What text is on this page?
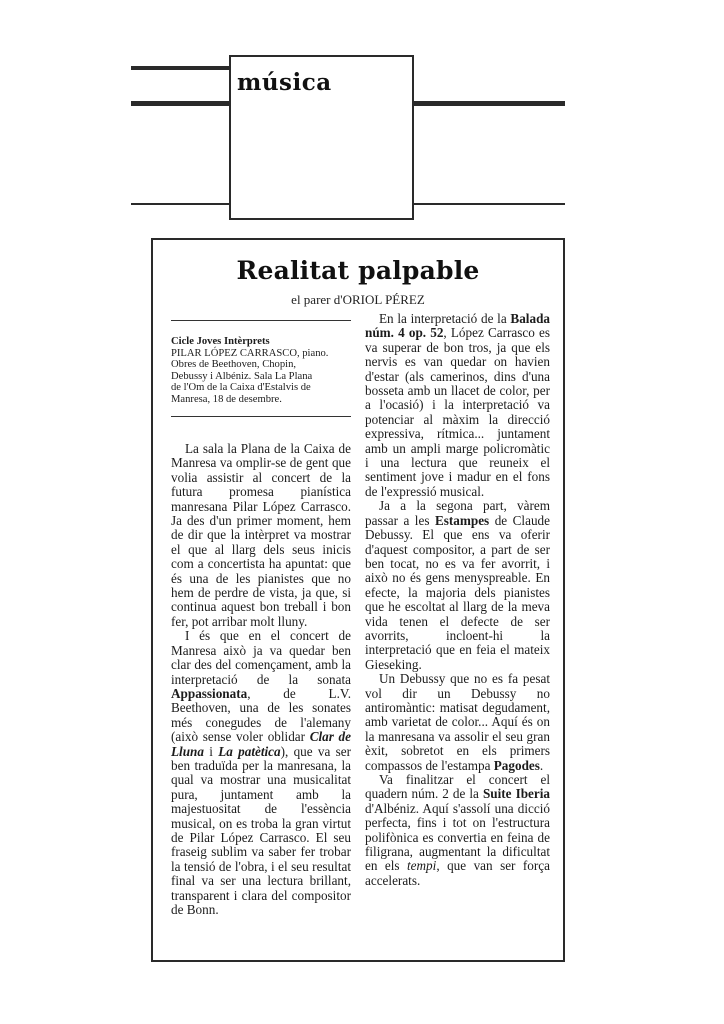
música
Realitat palpable
el parer d'ORIOL PÉREZ
Cicle Joves Intèrprets
PILAR LÓPEZ CARRASCO, piano.
Obres de Beethoven, Chopin,
Debussy i Albéniz. Sala La Plana
de l'Om de la Caixa d'Estalvis de
Manresa, 18 de desembre.

La sala la Plana de la Caixa de Manresa va omplir-se de gent que volia assistir al concert de la futura promesa pianística manresana Pilar López Carrasco. Ja des d'un primer moment, hem de dir que la intèrpret va mostrar el que al llarg dels seus inicis com a concertista ha apuntat: que és una de les pianistes que no hem de perdre de vista, ja que, si continua aquest bon treball i bon fer, pot arribar molt lluny.

I és que en el concert de Manresa això ja va quedar ben clar des del començament, amb la interpretació de la sonata Appassionata, de L.V. Beethoven, una de les sonates més conegudes de l'alemany (això sense voler oblidar Clar de Lluna i La patètica), que va ser ben traduïda per la manresana, la qual va mostrar una musicalitat pura, juntament amb la majestuositat de l'essència musical, on es troba la gran virtut de Pilar López Carrasco. El seu fraseig sublim va saber fer trobar la tensió de l'obra, i el seu resultat final va ser una lectura brillant, transparent i clara del compositor de Bonn.

En la interpretació de la Balada núm. 4 op. 52, López Carrasco es va superar de bon tros, ja que els nervis es van quedar on havien d'estar (als camerinos, dins d'una bosseta amb un llacet de color, per a l'ocasió) i la interpretació va potenciar al màxim la direcció expressiva, rítmica... juntament amb un ampli marge policromàtic i una lectura que reuneix el sentiment jove i madur en el fons de l'expressió musical.

Ja a la segona part, vàrem passar a les Estampes de Claude Debussy. El que ens va oferir d'aquest compositor, a part de ser ben tocat, no es va fer avorrit, i això no és gens menyspreable. En efecte, la majoria dels pianistes que he escoltat al llarg de la meva vida tenen el defecte de ser avorrits, incloent-hi la interpretació que en feia el mateix Gieseking.

Un Debussy que no es fa pesat vol dir un Debussy no antiromàntic: matisat degudament, amb varietat de color... Aquí és on la manresana va assolir el seu gran èxit, sobretot en els primers compassos de l'estampa Pagodes.

Va finalitzar el concert el quadern núm. 2 de la Suite Iberia d'Albéniz. Aquí s'assolí una dicció perfecta, fins i tot on l'estructura polifònica es convertia en feina de filigrana, augmentant la dificultat en els tempi, que van ser força accelerats.
